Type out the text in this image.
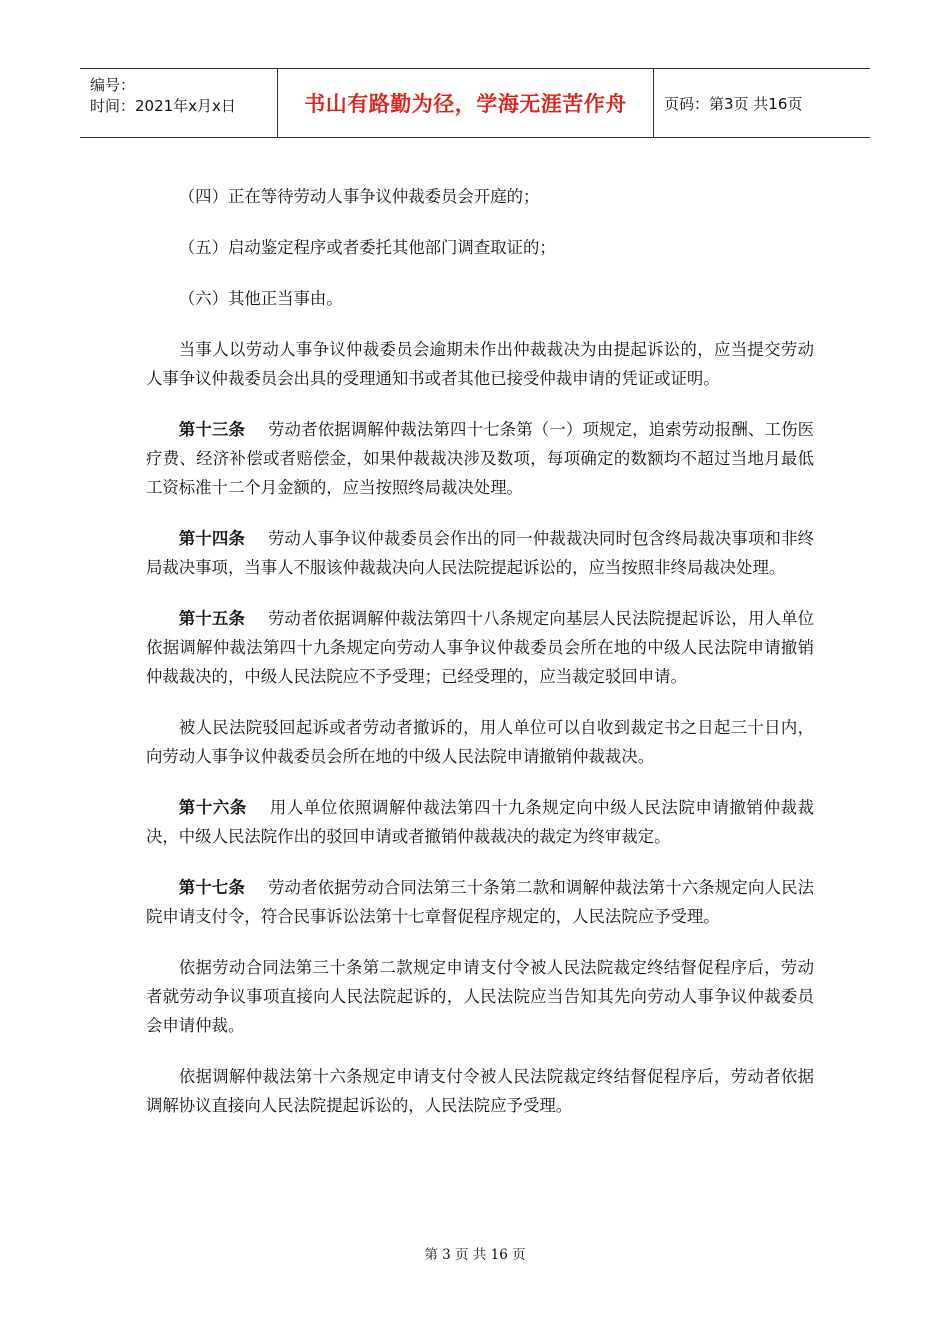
编号：
时间：2021年x月x日	书山有路勤为径，学海无涯苦作舟 页码：第3页 共16页

（四）正在等待劳动人事争议仲裁委员会开庭的；

（五）启动鉴定程序或者委托其他部门调查取证的；

（六）其他正当事由。

当事人以劳动人事争议仲裁委员会逾期未作出仲裁裁决为由提起诉讼的，应当提交劳动人事争议仲裁委员会出具的受理通知书或者其他已接受仲裁申请的凭证或证明。

第十三条 劳动者依据调解仲裁法第四十七条第（一）项规定，追索劳动报酬、工伤医疗费、经济补偿或者赔偿金，如果仲裁裁决涉及数项，每项确定的数额均不超过当地月最低工资标准十二个月金额的，应当按照终局裁决处理。

第十四条 劳动人事争议仲裁委员会作出的同一仲裁裁决同时包含终局裁决事项和非终局裁决事项，当事人不服该仲裁裁决向人民法院提起诉讼的，应当按照非终局裁决处理。

第十五条 劳动者依据调解仲裁法第四十八条规定向基层人民法院提起诉讼，用人单位依据调解仲裁法第四十九条规定向劳动人事争议仲裁委员会所在地的中级人民法院申请撤销仲裁裁决的，中级人民法院应不予受理；已经受理的，应当裁定驳回申请。

被人民法院驳回起诉或者劳动者撤诉的，用人单位可以自收到裁定书之日起三十日内，向劳动人事争议仲裁委员会所在地的中级人民法院申请撤销仲裁裁决。

第十六条 用人单位依照调解仲裁法第四十九条规定向中级人民法院申请撤销仲裁裁决，中级人民法院作出的驳回申请或者撤销仲裁裁决的裁定为终审裁定。

第十七条 劳动者依据劳动合同法第三十条第二款和调解仲裁法第十六条规定向人民法院申请支付令，符合民事诉讼法第十七章督促程序规定的，人民法院应予受理。

依据劳动合同法第三十条第二款规定申请支付令被人民法院裁定终结督促程序后，劳动者就劳动争议事项直接向人民法院起诉的，人民法院应当告知其先向劳动人事争议仲裁委员会申请仲裁。

依据调解仲裁法第十六条规定申请支付令被人民法院裁定终结督促程序后，劳动者依据调解协议直接向人民法院提起诉讼的，人民法院应予受理。

第 3 页 共 16 页
